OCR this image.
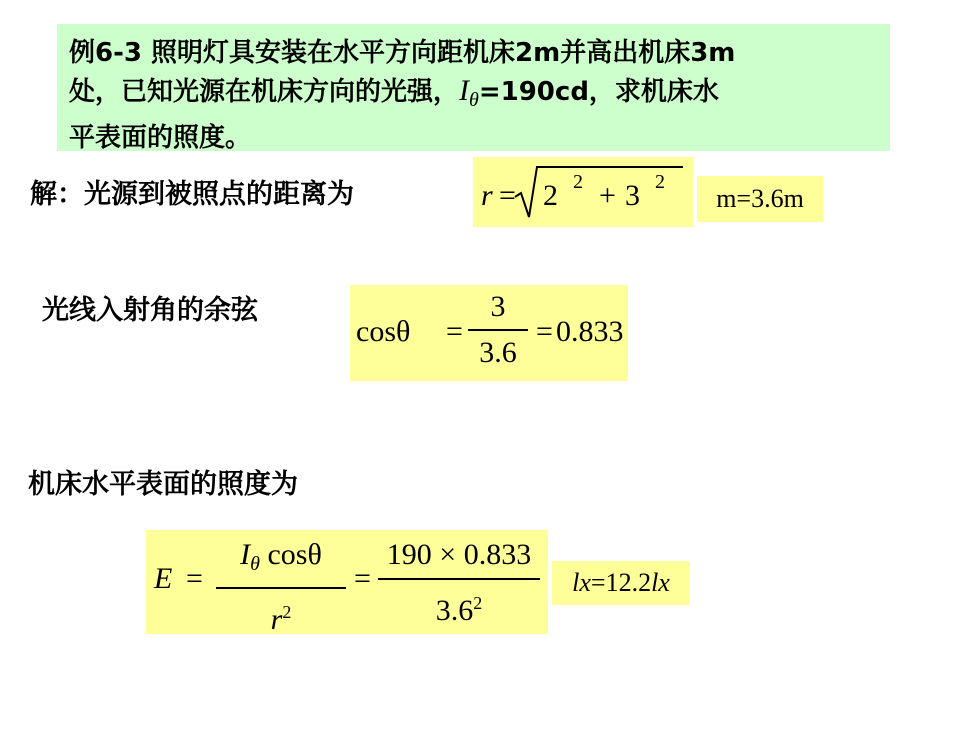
例6-3 照明灯具安装在水平方向距机床2m并高出机床3m
处，已知光源在机床方向的光强，$I_\theta=190cd$，求机床水
平表面的照度。
解：光源到被照点的距离为	r = 2 2 + 3 2
m=3.6m
光线入射角的余弦
$\cos\theta = \frac{3}{3.6} = 0.833$
机床水平表面的照度为
$E = \frac{I_\theta \cos\theta}{r^2} = \frac{190 \times 0.833}{3.6^2}$	lx=12.2lx
